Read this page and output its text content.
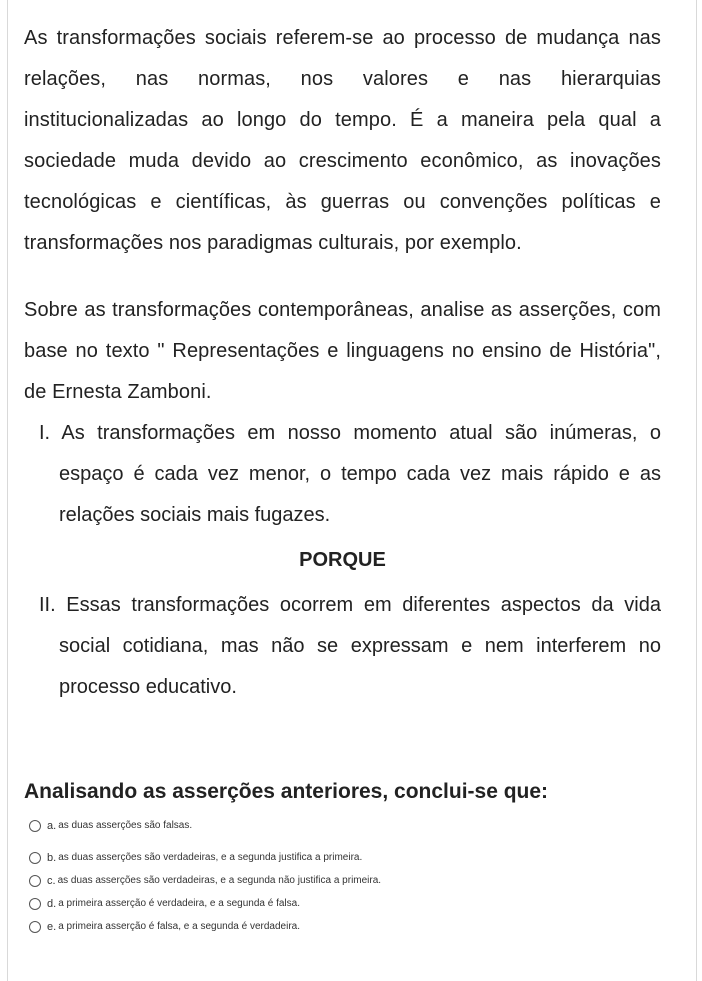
As transformações sociais referem-se ao processo de mudança nas relações, nas normas, nos valores e nas hierarquias institucionalizadas ao longo do tempo. É a maneira pela qual a sociedade muda devido ao crescimento econômico, as inovações tecnológicas e científicas, às guerras ou convenções políticas e transformações nos paradigmas culturais, por exemplo.

Sobre as transformações contemporâneas, analise as asserções, com base no texto " Representações e linguagens no ensino de História", de Ernesta Zamboni.

I. As transformações em nosso momento atual são inúmeras, o espaço é cada vez menor, o tempo cada vez mais rápido e as relações sociais mais fugazes.

PORQUE

II. Essas transformações ocorrem em diferentes aspectos da vida social cotidiana, mas não se expressam e nem interferem no processo educativo.

Analisando as asserções anteriores, conclui-se que:
a. as duas asserções são falsas.
b. as duas asserções são verdadeiras, e a segunda justifica a primeira.
c. as duas asserções são verdadeiras, e a segunda não justifica a primeira.
d. a primeira asserção é verdadeira, e a segunda é falsa.
e. a primeira asserção é falsa, e a segunda é verdadeira.
